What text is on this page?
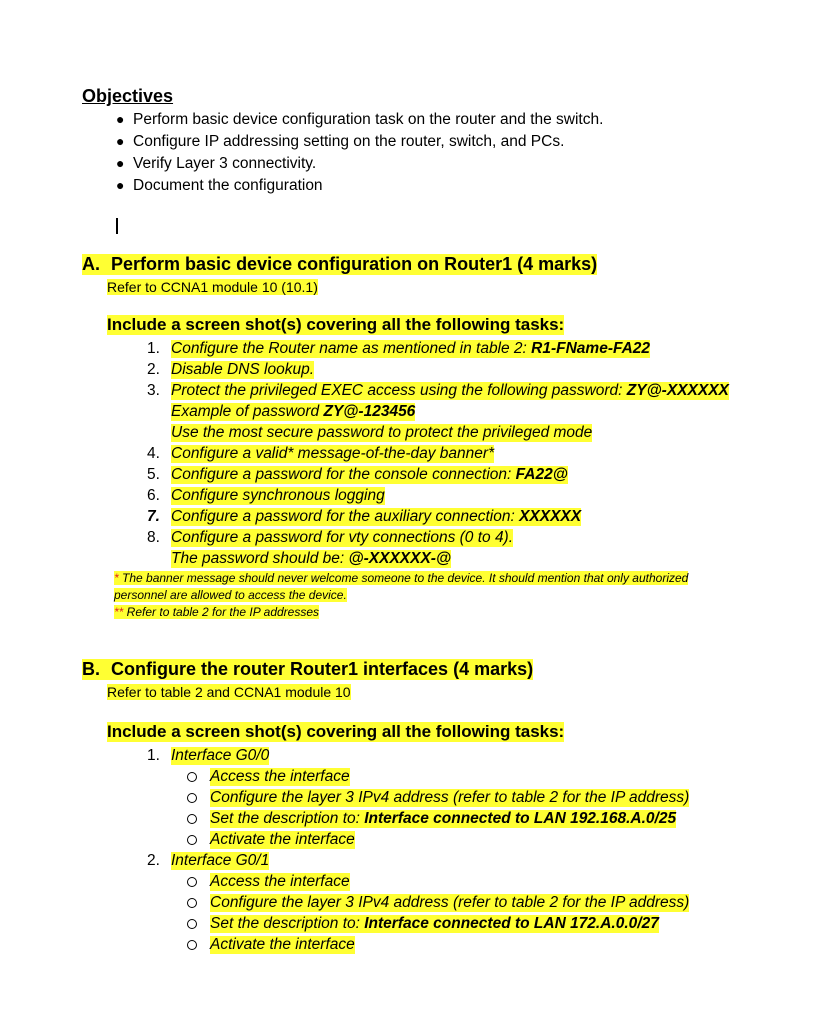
Objectives
● Perform basic device configuration task on the router and the switch.
● Configure IP addressing setting on the router, switch, and PCs.
● Verify Layer 3 connectivity.
● Document the configuration
A. Perform basic device configuration on Router1 (4 marks)
Refer to CCNA1 module 10 (10.1)
Include a screen shot(s) covering all the following tasks:
1. Configure the Router name as mentioned in table 2: R1-FName-FA22
2. Disable DNS lookup.
3. Protect the privileged EXEC access using the following password: ZY@-XXXXXX
Example of password ZY@-123456
Use the most secure password to protect the privileged mode
4. Configure a valid* message-of-the-day banner*
5. Configure a password for the console connection: FA22@
6. Configure synchronous logging
7. Configure a password for the auxiliary connection: XXXXXX
8. Configure a password for vty connections (0 to 4).
The password should be: @-XXXXXX-@
* The banner message should never welcome someone to the device. It should mention that only authorized
personnel are allowed to access the device.
** Refer to table 2 for the IP addresses
B. Configure the router Router1 interfaces (4 marks)
Refer to table 2 and CCNA1 module 10
Include a screen shot(s) covering all the following tasks:
1. Interface G0/0
Access the interface
Configure the layer 3 IPv4 address (refer to table 2 for the IP address)
Set the description to: Interface connected to LAN 192.168.A.0/25
Activate the interface
2. Interface G0/1
Access the interface
Configure the layer 3 IPv4 address (refer to table 2 for the IP address)
Set the description to: Interface connected to LAN 172.A.0.0/27
Activate the interface
